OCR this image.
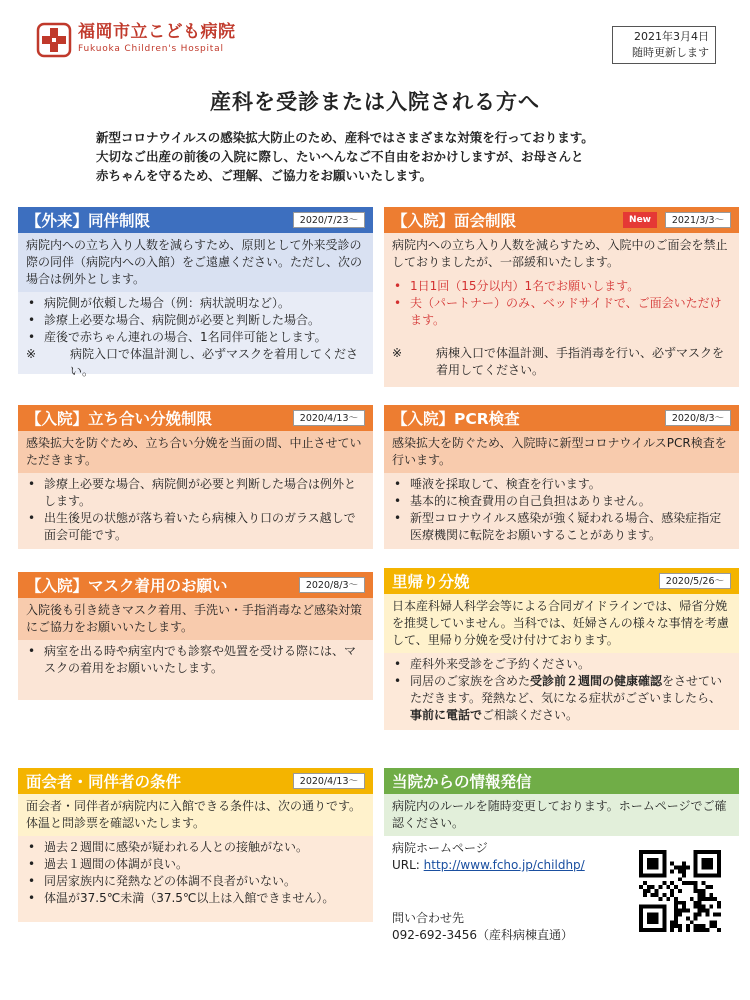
福岡市立こども病院
Fukuoka Children's Hospital
2021年3月4日
随時更新します
産科を受診または入院される方へ
新型コロナウイルスの感染拡大防止のため、産科ではさまざまな対策を行っております。
大切なご出産の前後の入院に際し、たいへんなご不自由をおかけしますが、お母さんと
赤ちゃんを守るため、ご理解、ご協力をお願いいたします。
【外来】同伴制限	2020/7/23〜
病院内への立ち入り人数を減らすため、原則として外来受診の際の同伴（病院内への入館）をご遠慮ください。ただし、次の場合は例外とします。
• 病院側が依頼した場合（例：病状説明など）。
• 診療上必要な場合、病院側が必要と判断した場合。
• 産後で赤ちゃん連れの場合、1名同伴可能とします。
※	病院入口で体温計測し、必ずマスクを着用してください。
【入院】面会制限	New	2021/3/3〜
病院内への立ち入り人数を減らすため、入院中のご面会を禁止しておりましたが、一部緩和いたします。
• 1日1回（15分以内）1名でお願いします。
• 夫（パートナー）のみ、ベッドサイドで、ご面会いただけます。
※	病棟入口で体温計測、手指消毒を行い、必ずマスクを着用してください。
【入院】立ち合い分娩制限	2020/4/13〜
感染拡大を防ぐため、立ち合い分娩を当面の間、中止させていただきます。
• 診療上必要な場合、病院側が必要と判断した場合は例外とします。
• 出生後児の状態が落ち着いたら病棟入り口のガラス越しで面会可能です。
【入院】PCR検査	2020/8/3〜
感染拡大を防ぐため、入院時に新型コロナウイルスPCR検査を行います。
• 唾液を採取して、検査を行います。
• 基本的に検査費用の自己負担はありません。
• 新型コロナウイルス感染が強く疑われる場合、感染症指定医療機関に転院をお願いすることがあります。
【入院】マスク着用のお願い	2020/8/3〜
入院後も引き続きマスク着用、手洗い・手指消毒など感染対策にご協力をお願いいたします。
• 病室を出る時や病室内でも診察や処置を受ける際には、マスクの着用をお願いいたします。
里帰り分娩	2020/5/26〜
日本産科婦人科学会等による合同ガイドラインでは、帰省分娩を推奨していません。当科では、妊婦さんの様々な事情を考慮して、里帰り分娩を受け付けております。
• 産科外来受診をご予約ください。
• 同居のご家族を含めた受診前２週間の健康確認をさせていただきます。発熱など、気になる症状がございましたら、事前に電話でご相談ください。
面会者・同伴者の条件	2020/4/13〜
面会者・同伴者が病院内に入館できる条件は、次の通りです。体温と問診票を確認いたします。
• 過去２週間に感染が疑われる人との接触がない。
• 過去１週間の体調が良い。
• 同居家族内に発熱などの体調不良者がいない。
• 体温が37.5℃未満（37.5℃以上は入館できません）。
当院からの情報発信
病院内のルールを随時変更しております。ホームページでご確認ください。
病院ホームページ
URL: http://www.fcho.jp/childhp/
問い合わせ先
092-692-3456（産科病棟直通）
